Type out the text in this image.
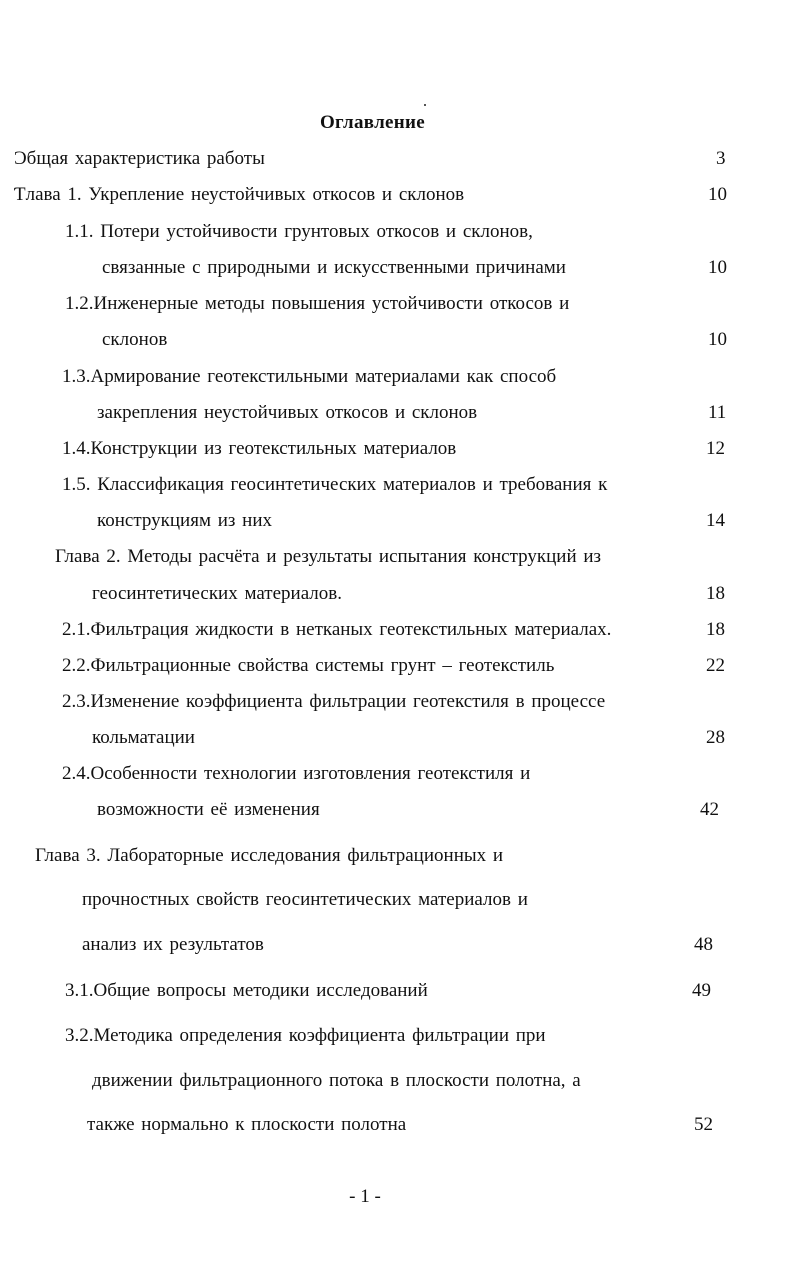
Оглавление
Ɔбщая характеристика работы	3
Ƭлава 1. Укрепление неустойчивых откосов и склонов	10
1.1. Потери устойчивости грунтовых откосов и склонов,
связанные с природными и искусственными причинами	10
1.2.Инженерные методы повышения устойчивости откосов и
склонов	10
1.3.Армирование геотекстильными материалами как способ
закрепления неустойчивых откосов и склонов	11
1.4.Конструкции из геотекстильных материалов	12
1.5. Классификация геосинтетических материалов и требования к
конструкциям из них	14
Глава 2. Методы расчёта и результаты испытания конструкций из
геосинтетических материалов.	18
2.1.Фильтрация жидкости в нетканых геотекстильных материалах.	18
2.2.Фильтрационные свойства системы грунт – геотекстиль	22
2.3.Изменение коэффициента фильтрации геотекстиля в процессе
кольматации	28
2.4.Особенности технологии изготовления геотекстиля и
возможности её изменения	42
Глава 3. Лабораторные исследования фильтрационных и
прочностных свойств геосинтетических материалов и
анализ их результатов	48
3.1.Общие вопросы методики исследований	49
3.2.Методика определения коэффициента фильтрации при
движении фильтрационного потока в плоскости полотна, а
также нормально к плоскости полотна	52
- 1 -
